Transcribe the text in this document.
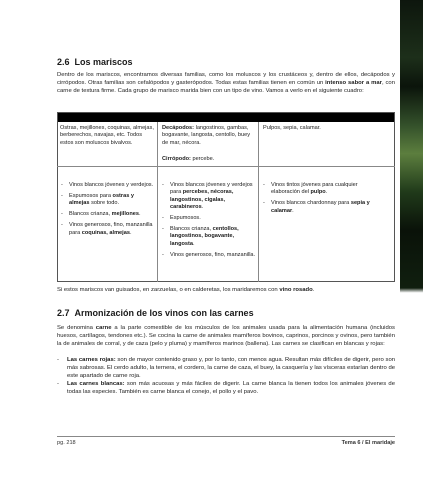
2.6 Los mariscos

Dentro de los mariscos, encontramos diversas familias, como los moluscos y los crustáceos y, dentro de ellos, decápodos y cirrópodos. Otras familias son cefalópodos y gasterópodos. Todas estas familias tienen en común un intenso sabor a mar, con carne de textura firme. Cada grupo de marisco marida bien con un tipo de vino. Vamos a verlo en el siguiente cuadro:

Ostras, mejillones, coquinas, almejas, berberechos, navajas, etc. Todos estos son moluscos bivalvos.
- Vinos blancos jóvenes y verdejos.
- Espumosos para ostras y almejas sobre todo.
- Blancos crianza, mejillones.
- Vinos generosos, fino, manzanilla para coquinas, almejas.
Decápodos: langostinos, gambas, bogavante, langosta, centollo, buey de mar, nécora.
Cirrópodo: percebe.
- Vinos blancos jóvenes y verdejos para percebes, nécoras, langostinos, cigalas, carabineros.
- Espumosos.
- Blancos crianza, centollos, langostinos, bogavante, langosta.
- Vinos generosos, fino, manzanilla.
Pulpos, sepia, calamar.
- Vinos tintos jóvenes para cualquier elaboración del pulpo.
- Vinos blancos chardonnay para sepia y calamar.

Si estos mariscos van guisados, en zarzuelas, o en calderetas, los maridaremos con vino rosado.

2.7 Armonización de los vinos con las carnes

Se denomina carne a la parte comestible de los músculos de los animales usada para la alimentación humana (incluidos huesos, cartílagos, tendones etc.). Se cocina la carne de animales mamíferos bovinos, caprinos, porcinos y ovinos, pero también la de animales de corral, y de caza (pelo y pluma) y mamíferos marinos (ballena). Las carnes se clasifican en blancas y rojas:

- Las carnes rojas: son de mayor contenido graso y, por lo tanto, con menos agua. Resultan más difíciles de digerir, pero son más sabrosas. El cerdo adulto, la ternera, el cordero, la carne de caza, el buey, la casquería y las vísceras estarían dentro de este apartado de carne roja.
- Las carnes blancas: son más acuosas y más fáciles de digerir. La carne blanca la tienen todos los animales jóvenes de todas las especies. También es carne blanca el conejo, el pollo y el pavo.
pg. 218	Tema 6 / El maridaje
